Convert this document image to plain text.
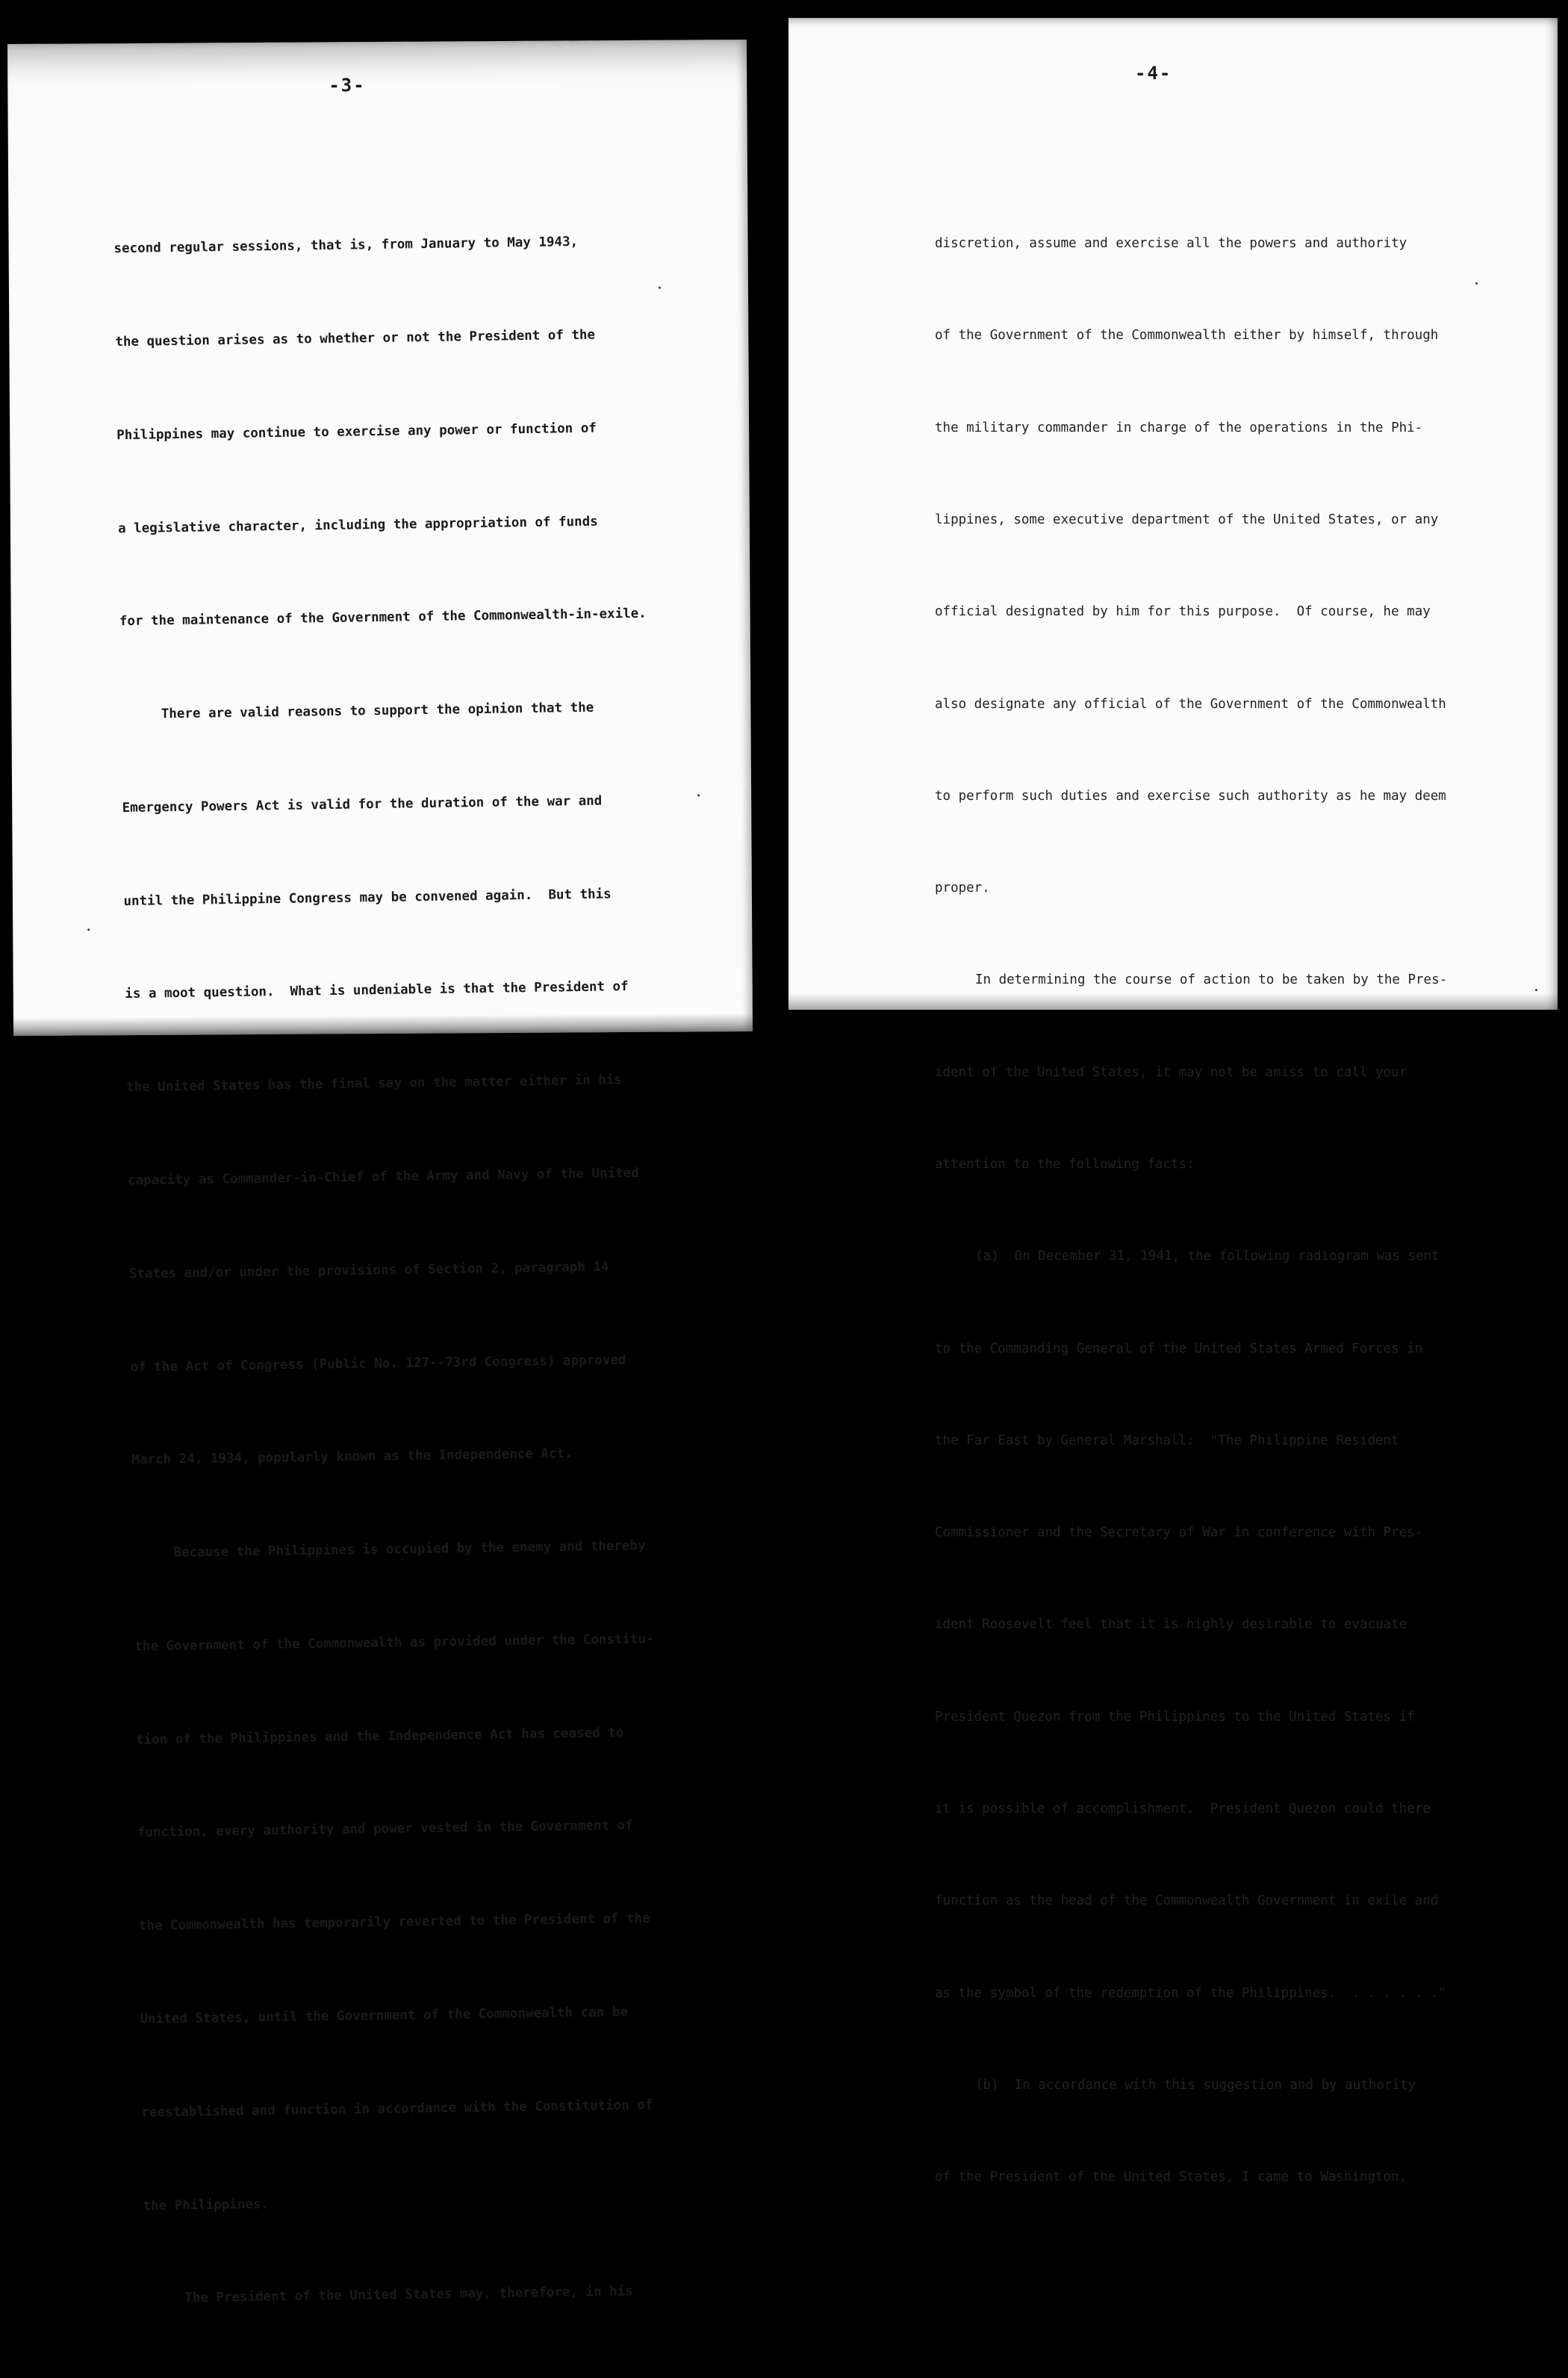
-3-

second regular sessions, that is, from January to May 1943,

the question arises as to whether or not the President of the

Philippines may continue to exercise any power or function of

a legislative character, including the appropriation of funds

for the maintenance of the Government of the Commonwealth-in-exile.

There are valid reasons to support the opinion that the

Emergency Powers Act is valid for the duration of the war and

until the Philippine Congress may be convened again.  But this

is a moot question.  What is undeniable is that the President of

the United States has the final say on the matter either in his

capacity as Commander-in-Chief of the Army and Navy of the United

States and/or under the provisions of Section 2, paragraph 14

of the Act of Congress (Public No. 127--73rd Congress) approved

March 24, 1934, popularly known as the Independence Act.

Because the Philippines is occupied by the enemy and thereby

the Government of the Commonwealth as provided under the Constitu-

tion of the Philippines and the Independence Act has ceased to

function, every authority and power vested in the Government of

the Commonwealth has temporarily reverted to the President of the

United States, until the Government of the Commonwealth can be

reestablished and function in accordance with the Constitution of

the Philippines.

The President of the United States may, therefore, in his

-4-

discretion, assume and exercise all the powers and authority

of the Government of the Commonwealth either by himself, through

the military commander in charge of the operations in the Phi-

lippines, some executive department of the United States, or any

official designated by him for this purpose.  Of course, he may

also designate any official of the Government of the Commonwealth

to perform such duties and exercise such authority as he may deem

proper.

In determining the course of action to be taken by the Pres-

ident of the United States, it may not be amiss to call your

attention to the following facts:

(a)  On December 31, 1941, the following radiogram was sent

to the Commanding General of the United States Armed Forces in

the Far East by General Marshall:  "The Philippine Resident

Commissioner and the Secretary of War in conference with Pres-

ident Roosevelt feel that it is highly desirable to evacuate

President Quezon from the Philippines to the United States if

it is possible of accomplishment.  President Quezon could there

function as the head of the Commonwealth Government in exile and

as the symbol of the redemption of the Philippines.  . . . . . ."

(b)  In accordance with this suggestion and by authority

of the President of the United States, I came to Washington,
